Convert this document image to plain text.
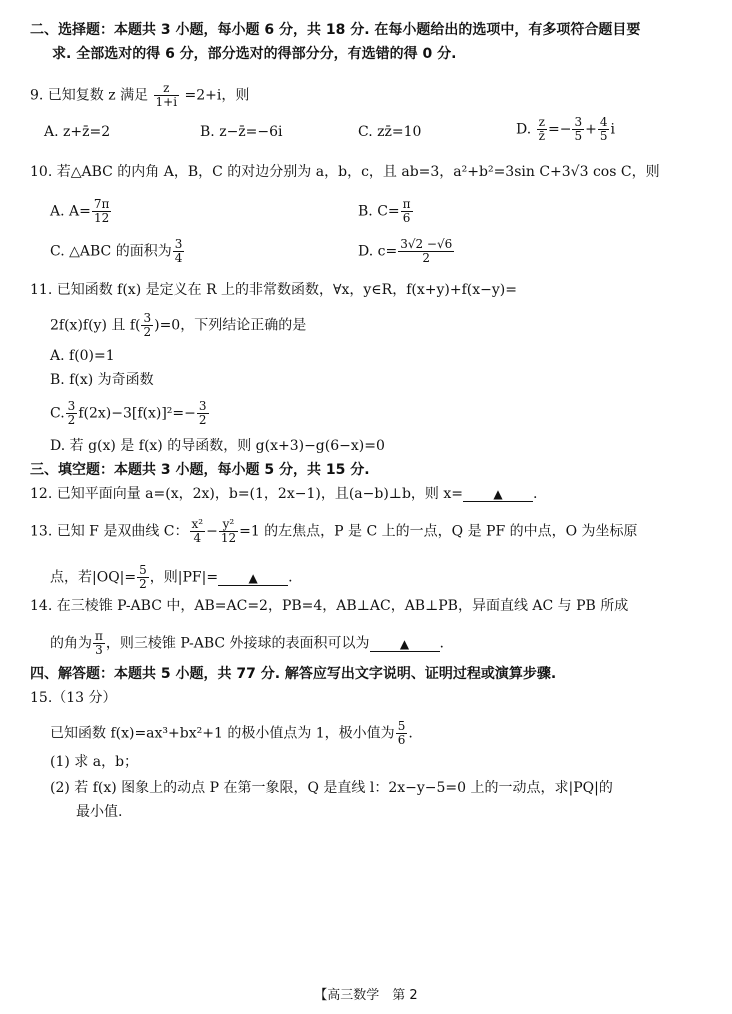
二、选择题：本题共 3 小题，每小题 6 分，共 18 分. 在每小题给出的选项中，有多项符合题目要
求. 全部选对的得 6 分，部分选对的得部分分，有选错的得 0 分.
9. 已知复数 z 满足 $\frac{z}{1+i} =2+i$，则
A. z+z̄=2	B. z−z̄=−6i	C. zz̄=10	D. $\frac{z}{z̄} =- \frac{3}{5} + \frac{4}{5}$ i
10. 若△ABC 的内角 A，B，C 的对边分别为 a，b，c，且 ab=3，a²+b²=3sin C+3√3 cos C，则
A. $A= \frac{7\pi}{12}$	B. $C= \frac{\pi}{6}$
C. △ABC 的面积为 $\frac{3}{4}$	D. $c= \frac{3√2 -√6}{2}$
11. 已知函数 f(x) 是定义在 R 上的非常数函数，∀x，y∈R，f(x+y)+f(x−y)=
2f(x)f(y) 且 $f( \frac{3}{2} )=0$，下列结论正确的是
A. f(0)=1
B. f(x) 为奇函数
C. $\frac{3}{2} f(2x)-3[f(x)]^2=- \frac{3}{2}$
D. 若 g(x) 是 f(x) 的导函数，则 g(x+3)−g(6−x)=0
三、填空题：本题共 3 小题，每小题 5 分，共 15 分.
12. 已知平面向量 a=(x，2x)，b=(1，2x−1)，且(a−b)⊥b，则 x=	▲ .
13. 已知 F 是双曲线 C： $\frac{\text{x²}}{4} - \frac{\text{y²}}{12} =1$ 的左焦点，P 是 C 上的一点，Q 是 PF 的中点，O 为坐标原
点，若$|OQ|= \frac{5}{2}$ ，则|PF|=	▲ .
14. 在三棱锥 P-ABC 中，AB=AC=2，PB=4，AB⊥AC，AB⊥PB，异面直线 AC 与 PB 所成
的角为 $\frac{\pi}{3}$ ，则三棱锥 P-ABC 外接球的表面积可以为	▲ .
四、解答题：本题共 5 小题，共 77 分. 解答应写出文字说明、证明过程或演算步骤.
15.（13 分）
已知函数 f(x)=ax³+bx²+1 的极小值点为 1，极小值为 $\frac{5}{6}$ .
(1) 求 a，b；
(2) 若 f(x) 图象上的动点 P 在第一象限，Q 是直线 l：2x−y−5=0 上的一动点，求|PQ|的
最小值.
【高三数学　第 2
